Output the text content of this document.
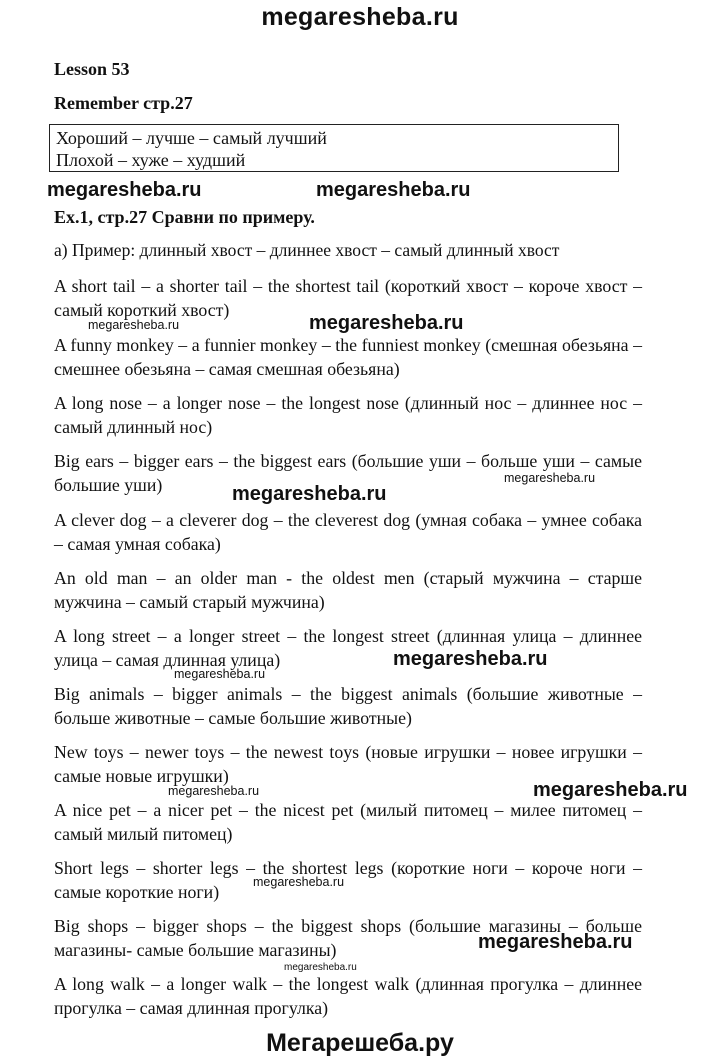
megaresheba.ru
Lesson 53
Remember стр.27
Хороший – лучше – самый лучший
Плохой – хуже – худший
Ex.1, стр.27 Сравни по примеру.
а) Пример: длинный хвост – длиннее хвост – самый длинный хвост
A short tail – a shorter tail – the shortest tail (короткий хвост – короче хвост – самый короткий хвост)
A funny monkey – a funnier monkey – the funniest monkey (смешная обезьяна – смешнее обезьяна – самая смешная обезьяна)
A long nose – a longer nose – the longest nose (длинный нос – длиннее нос – самый длинный нос)
Big ears – bigger ears – the biggest ears (большие уши – больше уши – самые большие уши)
A clever dog – a cleverer dog – the cleverest dog (умная собака – умнее собака – самая умная собака)
An old man – an older man - the oldest men (старый мужчина – старше мужчина – самый старый мужчина)
A long street – a longer street – the longest street (длинная улица – длиннее улица – самая длинная улица)
Big animals – bigger animals – the biggest animals (большие животные – больше животные – самые большие животные)
New toys – newer toys – the newest toys (новые игрушки – новее игрушки – самые новые игрушки)
A nice pet – a nicer pet – the nicest pet (милый питомец – милее питомец – самый милый питомец)
Short legs – shorter legs – the shortest legs (короткие ноги – короче ноги – самые короткие ноги)
Big shops – bigger shops – the biggest shops (большие магазины – больше магазины- самые большие магазины)
A long walk – a longer walk – the longest walk (длинная прогулка – длиннее прогулка – самая длинная прогулка)
megaresheba.ru	megaresheba.ru
megaresheba.ru	megaresheba.ru
megaresheba.ru
megaresheba.ru
megaresheba.ru
megaresheba.ru
megaresheba.ru	megaresheba.ru
megaresheba.ru
megaresheba.ru
megaresheba.ru
Мегарешеба.ру
